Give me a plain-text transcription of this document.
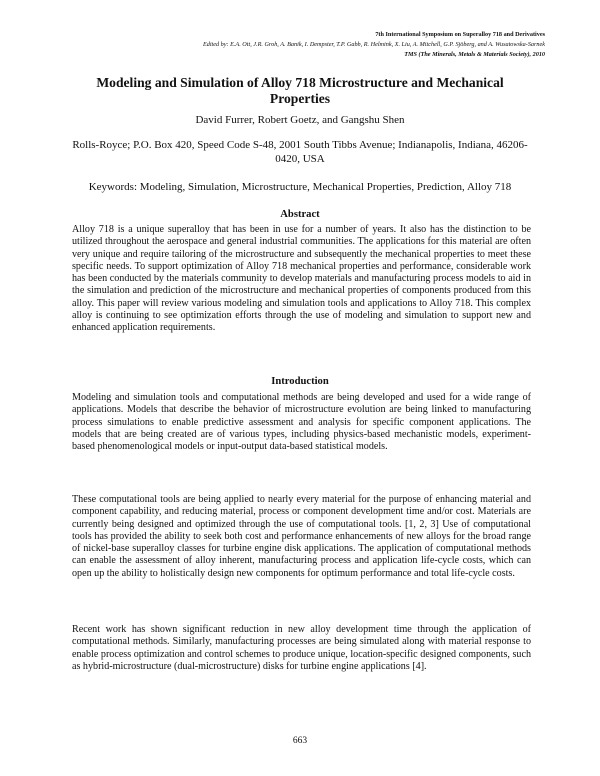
7th International Symposium on Superalloy 718 and Derivatives
Edited by: E.A. Ott, J.R. Groh, A. Banik, I. Dempster, T.P. Gabb, R. Helmink, X. Liu, A. Mitchell, G.P. Sjöberg, and A. Wusatowska-Sarnek
TMS (The Minerals, Metals & Materials Society), 2010
Modeling and Simulation of Alloy 718 Microstructure and Mechanical Properties
David Furrer, Robert Goetz, and Gangshu Shen
Rolls-Royce; P.O. Box 420, Speed Code S-48, 2001 South Tibbs Avenue; Indianapolis, Indiana, 46206-0420, USA
Keywords: Modeling, Simulation, Microstructure, Mechanical Properties, Prediction, Alloy 718
Abstract

Alloy 718 is a unique superalloy that has been in use for a number of years. It also has the distinction to be utilized throughout the aerospace and general industrial communities. The applications for this material are often very unique and require tailoring of the microstructure and subsequently the mechanical properties to meet these specific needs. To support optimization of Alloy 718 mechanical properties and performance, considerable work has been conducted by the materials community to develop materials and manufacturing process models to aid in the simulation and prediction of the microstructure and mechanical properties of components produced from this alloy. This paper will review various modeling and simulation tools and applications to Alloy 718. This complex alloy is continuing to see optimization efforts through the use of modeling and simulation to support new and enhanced application requirements.

Introduction

Modeling and simulation tools and computational methods are being developed and used for a wide range of applications. Models that describe the behavior of microstructure evolution are being linked to manufacturing process simulations to enable predictive assessment and analysis for specific component applications. The models that are being created are of various types, including physics-based mechanistic models, experiment-based phenomenological models or input-output data-based statistical models.

These computational tools are being applied to nearly every material for the purpose of enhancing material and component capability, and reducing material, process or component development time and/or cost. Materials are currently being designed and optimized through the use of computational tools. [1, 2, 3] Use of computational tools has provided the ability to seek both cost and performance enhancements of new alloys for the broad range of nickel-base superalloy classes for turbine engine disk applications. The application of computational methods can enable the assessment of alloy inherent, manufacturing process and application life-cycle costs, which can open up the ability to holistically design new components for optimum performance and total life-cycle costs.

Recent work has shown significant reduction in new alloy development time through the application of computational methods. Similarly, manufacturing processes are being simulated along with material response to enable process optimization and control schemes to produce unique, location-specific designed components, such as hybrid-microstructure (dual-microstructure) disks for turbine engine applications [4].

663
